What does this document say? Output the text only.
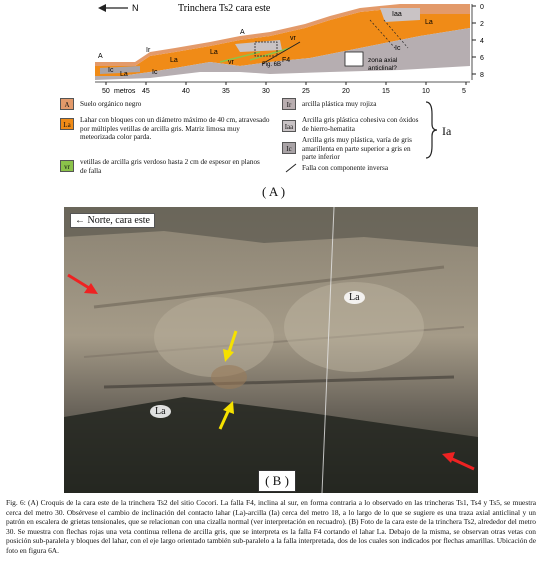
N	Trinchera Ts2 cara este
A
Ic
La
Ir
La
Ic
A
Iaa
La
vr
La
vr
F4
Ic
Fig. 6B
zona axial anticlinal?
0
2
4
6
8
50 metros 45	40	35	30	25	20	15	10	5
A	Suelo orgánico negro
La
Lahar con bloques con un diámetro máximo de 40 cm, atravesado por múltiples vetillas de arcilla gris. Matriz limosa muy meteorizada color parda.
vr
vetillas de arcilla gris verdoso hasta 2 cm de espesor en planos de falla
Ir	arcilla plástica muy rojiza
Iaa
Arcilla gris plástica cohesiva con óxidos de hierro-hematita
Ic
Arcilla gris muy plástica, varía de gris amarillenta en parte superior a gris en parte inferior
Falla con componente inversa
Ia
( A )
← Norte, cara este
La
La
( B )
Fig. 6: (A) Croquis de la cara este de la trinchera Ts2 del sitio Cocorí. La falla F4, inclina al sur, en forma contraria a lo observado en las trincheras Ts1, Ts4 y Ts5, se muestra cerca del metro 30. Obsérvese el cambio de inclinación del contacto lahar (La)-arcilla (Ia) cerca del metro 18, a lo largo de lo que se sugiere es una traza axial anticlinal y un patrón en escalera de grietas tensionales, que se relacionan con una cizalla normal (ver interpretación en recuadro). (B) Foto de la cara este de la trinchera Ts2, alrededor del metro 30. Se muestra con flechas rojas una veta continua rellena de arcilla gris, que se interpreta es la falla F4 cortando el lahar La. Debajo de la misma, se observan otras vetas con posición sub-paralela y bloques del lahar, con el eje largo orientado también sub-paralelo a la falla interpretada, dos de los cuales son indicados por flechas amarillas. Ubicación de foto en figura 6A.
